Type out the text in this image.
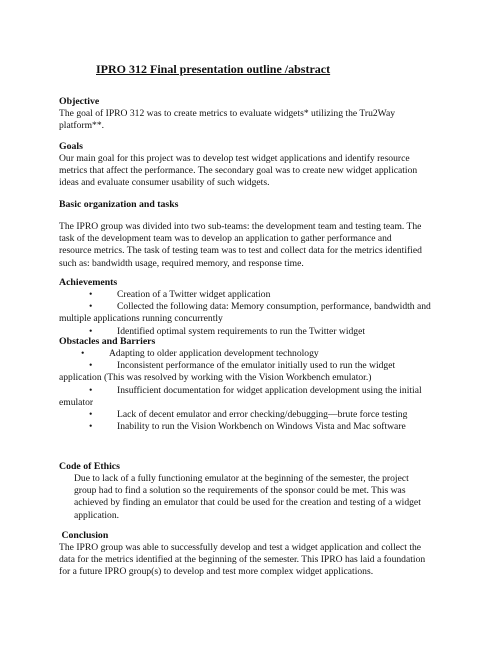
IPRO 312 Final presentation outline /abstract
Objective

The goal of IPRO 312 was to create metrics to evaluate widgets* utilizing the Tru2Way

platform**.

Goals

Our main goal for this project was to develop test widget applications and identify resource

metrics that affect the performance. The secondary goal was to create new widget application

ideas and evaluate consumer usability of such widgets.

Basic organization and tasks

The IPRO group was divided into two sub-teams: the development team and testing team. The

task of the development team was to develop an application to gather performance and

resource metrics. The task of testing team was to test and collect data for the metrics identified

such as: bandwidth usage, required memory, and response time.

Achievements
•	Creation of a Twitter widget application
•	Collected the following data: Memory consumption, performance, bandwidth and
multiple applications running concurrently
•	Identified optimal system requirements to run the Twitter widget
Obstacles and Barriers
•	Adapting to older application development technology
•	Inconsistent performance of the emulator initially used to run the widget
application (This was resolved by working with the Vision Workbench emulator.)
•	Insufficient documentation for widget application development using the initial
emulator
•	Lack of decent emulator and error checking/debugging—brute force testing
•	Inability to run the Vision Workbench on Windows Vista and Mac software
Code of Ethics

Due to lack of a fully functioning emulator at the beginning of the semester, the project

group had to find a solution so the requirements of the sponsor could be met. This was

achieved by finding an emulator that could be used for the creation and testing of a widget

application.

Conclusion

The IPRO group was able to successfully develop and test a widget application and collect the

data for the metrics identified at the beginning of the semester. This IPRO has laid a foundation

for a future IPRO group(s) to develop and test more complex widget applications.
